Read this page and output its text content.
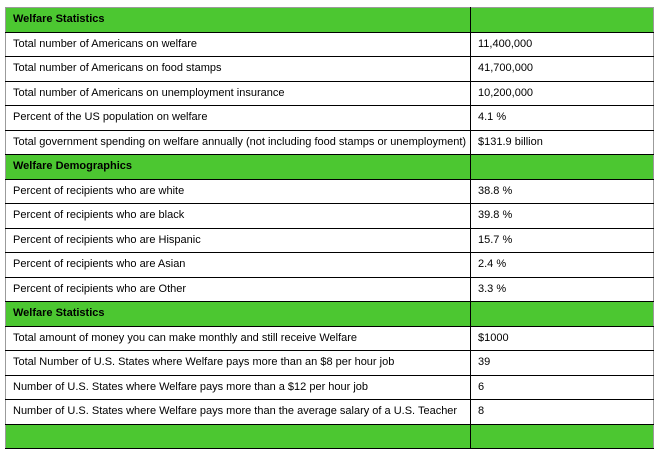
Welfare Statistics	
Total number of Americans on welfare	11,400,000
Total number of Americans on food stamps	41,700,000
Total number of Americans on unemployment insurance	10,200,000
Percent of the US population on welfare	4.1 %
Total government spending on welfare annually (not including food stamps or unemployment)	$131.9 billion
Welfare Demographics	
Percent of recipients who are white	38.8 %
Percent of recipients who are black	39.8 %
Percent of recipients who are Hispanic	15.7 %
Percent of recipients who are Asian	2.4 %
Percent of recipients who are Other	3.3 %
Welfare Statistics	
Total amount of money you can make monthly and still receive Welfare	$1000
Total Number of U.S. States where Welfare pays more than an $8 per hour job	39
Number of U.S. States where Welfare pays more than a $12 per hour job	6
Number of U.S. States where Welfare pays more than the average salary of a U.S. Teacher	8
